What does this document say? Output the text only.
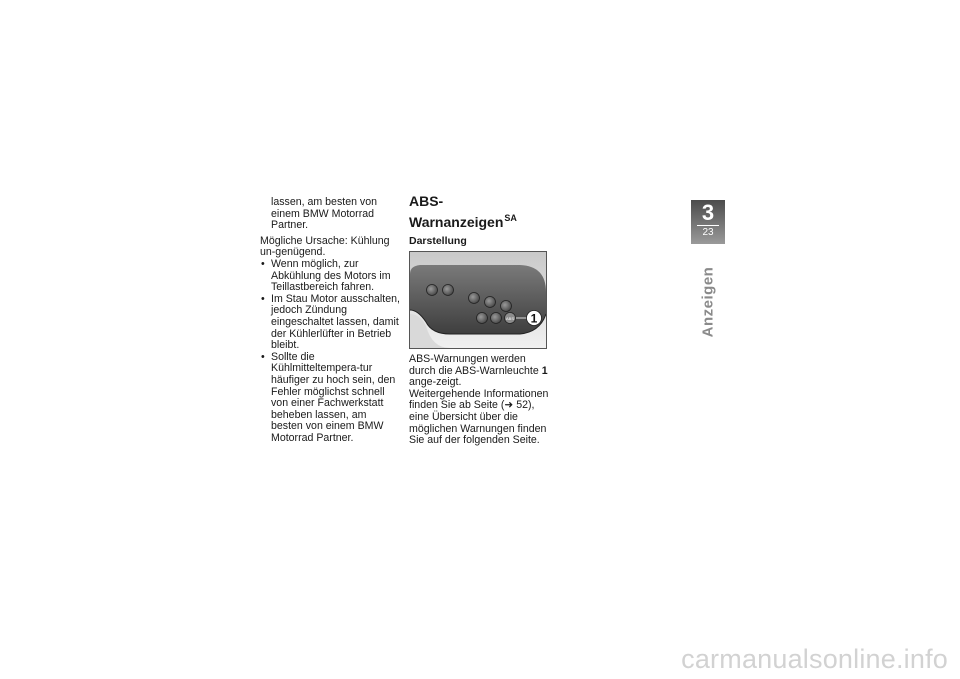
lassen, am besten von einem BMW Motorrad Partner.

Mögliche Ursache: Kühlung un-genügend.

• Wenn möglich, zur Abkühlung des Motors im Teillastbereich fahren.
• Im Stau Motor ausschalten, jedoch Zündung eingeschaltet lassen, damit der Kühlerlüfter in Betrieb bleibt.
• Sollte die Kühlmitteltempera-tur häufiger zu hoch sein, den Fehler möglichst schnell von einer Fachwerkstatt beheben lassen, am besten von einem BMW Motorrad Partner.
ABS-Warnanzeigen$^{SA}$
Darstellung
ABS 1

ABS-Warnungen werden durch die ABS-Warnleuchte 1 ange-zeigt.

Weitergehende Informationen finden Sie ab Seite (➜ 52), eine Übersicht über die möglichen Warnungen finden Sie auf der folgenden Seite.

3
23
Anzeigen
carmanualsonline.info
